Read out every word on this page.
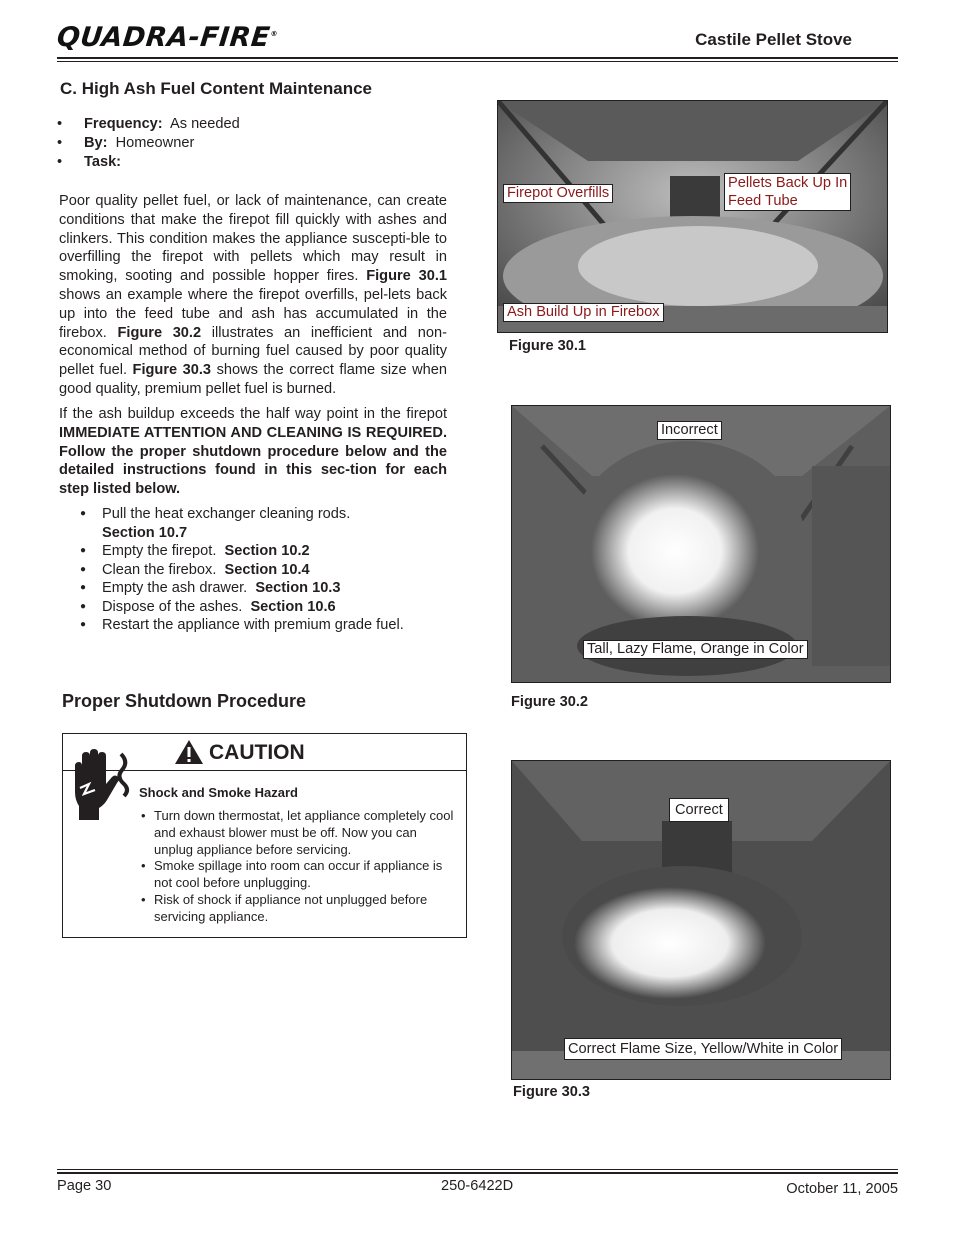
QUADRA-FIRE®	Castile Pellet Stove
C. High Ash Fuel Content Maintenance
• Frequency: As needed
• By: Homeowner
• Task:
Poor quality pellet fuel, or lack of maintenance, can create conditions that make the firepot fill quickly with ashes and clinkers. This condition makes the appliance suscepti-ble to overfilling the firepot with pellets which may result in smoking, sooting and possible hopper fires. Figure 30.1 shows an example where the firepot overfills, pel-lets back up into the feed tube and ash has accumulated in the firebox. Figure 30.2 illustrates an inefficient and non-economical method of burning fuel caused by poor quality pellet fuel. Figure 30.3 shows the correct flame size when good quality, premium pellet fuel is burned.
If the ash buildup exceeds the half way point in the firepot IMMEDIATE ATTENTION AND CLEANING IS REQUIRED. Follow the proper shutdown procedure below and the detailed instructions found in this sec-tion for each step listed below.
● Pull the heat exchanger cleaning rods.
Section 10.7
● Empty the firepot. Section 10.2
● Clean the firebox. Section 10.4
● Empty the ash drawer. Section 10.3
● Dispose of the ashes. Section 10.6
● Restart the appliance with premium grade fuel.
Proper Shutdown Procedure
CAUTION
Shock and Smoke Hazard
• Turn down thermostat, let appliance completely cool and exhaust blower must be off. Now you can unplug appliance before servicing.
• Smoke spillage into room can occur if appliance is not cool before unplugging.
• Risk of shock if appliance not unplugged before servicing appliance.
Firepot Overfills
Pellets Back Up In
Feed Tube
Ash Build Up in Firebox
Figure 30.1
Incorrect
Tall, Lazy Flame, Orange in Color
Figure 30.2
Correct
Correct Flame Size, Yellow/White in Color
Figure 30.3
Page 30	250-6422D	October 11, 2005
